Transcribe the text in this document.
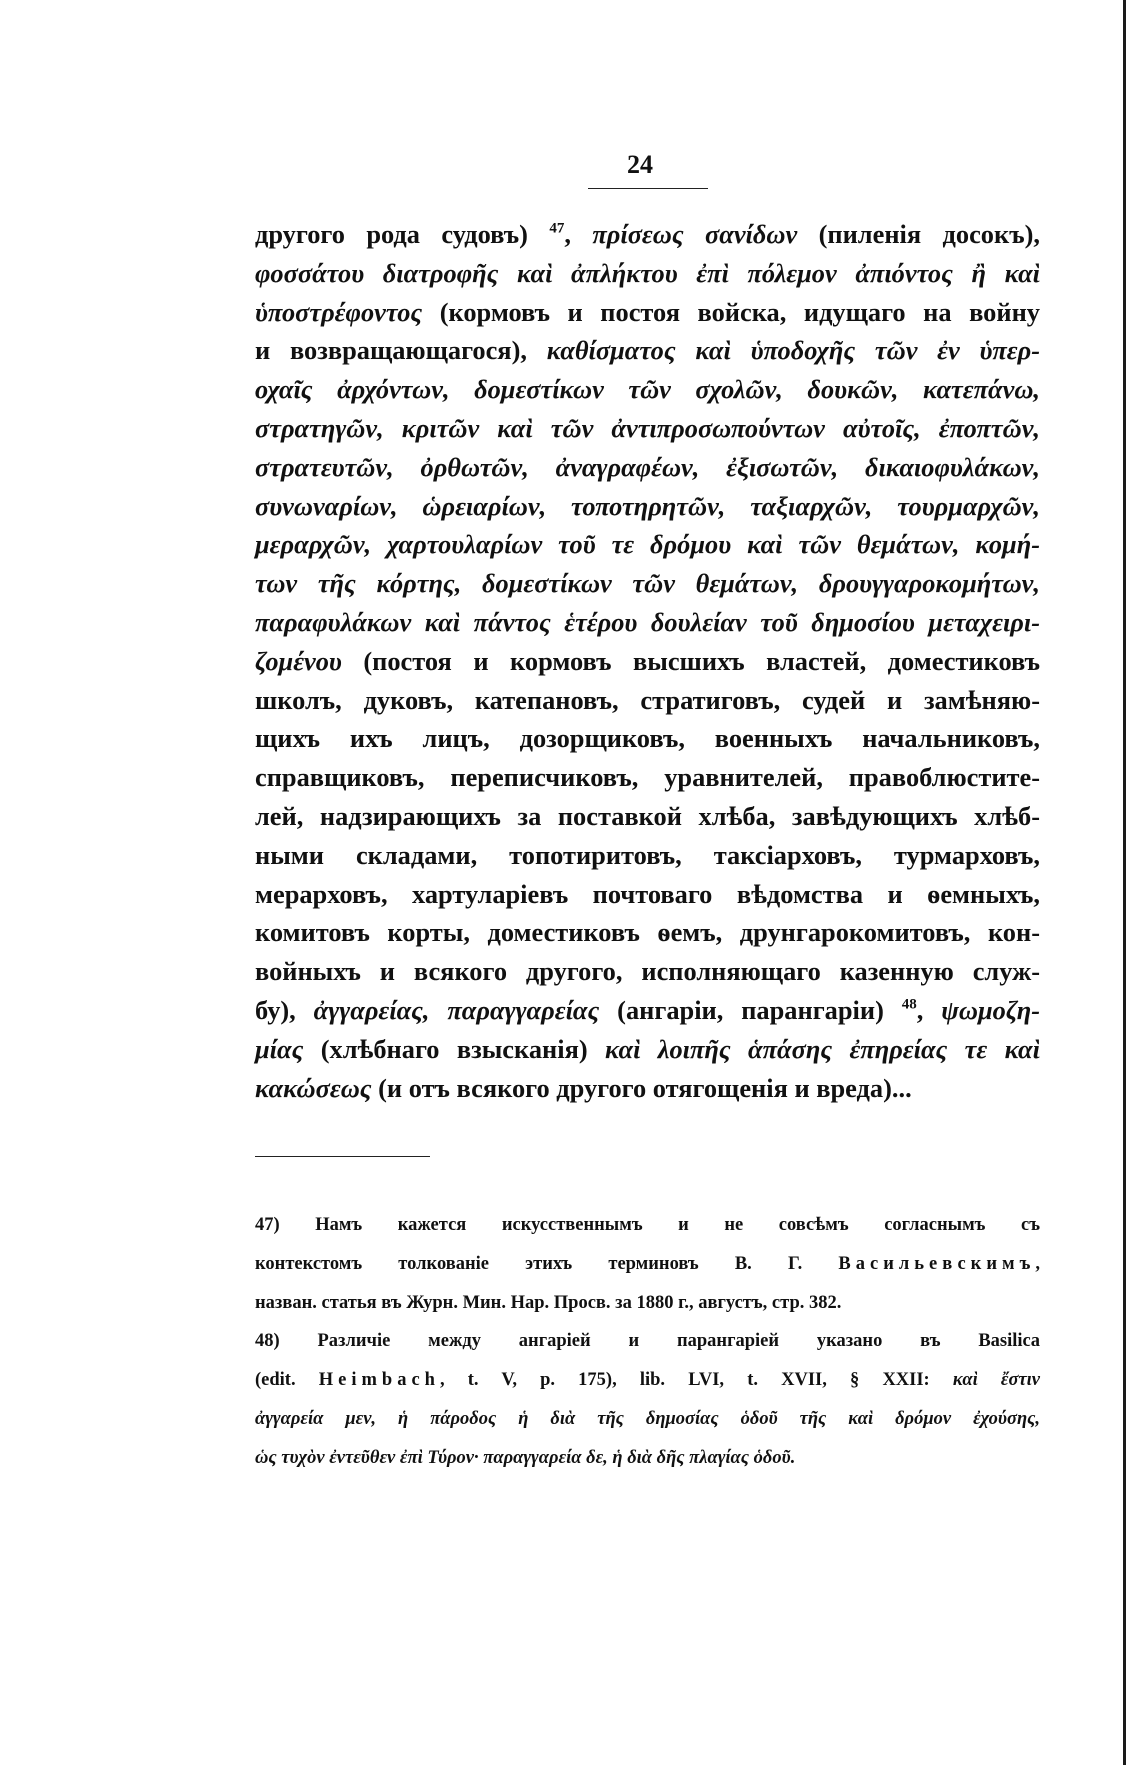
24
другого рода судовъ) $^{47}$, πρίσεως σανίδων (пиленія досокъ),
φοσσάτου διατροφῆς καὶ ἀπλήκτου ἐπὶ πόλεμον ἀπιόντος ἢ καὶ
ὑποστρέφοντος (кормовъ и постоя войска, идущаго на войну
и возвращающагося), καθίσματος καὶ ὑποδοχῆς τῶν ἐν ὑπερ-
οχαῖς ἀρχόντων, δομεστίκων τῶν σχολῶν, δουκῶν, κατεπάνω,
στρατηγῶν, κριτῶν καὶ τῶν ἀντιπροσωπούντων αὐτοῖς, ἐποπτῶν,
στρατευτῶν, ὀρθωτῶν, ἀναγραφέων, ἐξισωτῶν, δικαιοφυλάκων,
συνωναρίων, ὡρειαρίων, τοποτηρητῶν, ταξιαρχῶν, τουρμαρχῶν,
μεραρχῶν, χαρτουλαρίων τοῦ τε δρόμου καὶ τῶν θεμάτων, κομή-
των τῆς κόρτης, δομεστίκων τῶν θεμάτων, δρουγγαροκομήτων,
παραφυλάκων καὶ πάντος ἑτέρου δουλείαν τοῦ δημοσίου μεταχειρι-
ζομένου (постоя и кормовъ высшихъ властей, доместиковъ
школъ, дуковъ, катепановъ, стратиговъ, судей и замѣняю-
щихъ ихъ лицъ, дозорщиковъ, военныхъ начальниковъ,
справщиковъ, переписчиковъ, уравнителей, правоблюстите-
лей, надзирающихъ за поставкой хлѣба, завѣдующихъ хлѣб-
ными складами, топотиритовъ, таксіарховъ, турмарховъ,
мерарховъ, хартуларіевъ почтоваго вѣдомства и ѳемныхъ,
комитовъ корты, доместиковъ ѳемъ, друнгарокомитовъ, кон-
войныхъ и всякого другого, исполняющаго казенную служ-
бу), ἀγγαρείας, παραγγαρείας (ангаріи, парангаріи) $^{48}$, ψωμοζη-
μίας (хлѣбнаго взысканія) καὶ λοιπῆς ἁπάσης ἐπηρείας τε καὶ
κακώσεως (и отъ всякого другого отягощенія и вреда)...
47) Намъ кажется искусственнымъ и не совсѣмъ согласнымъ съ
контекстомъ толкованіе этихъ терминовъ В. Г. Васильевскимъ,
назван. статья въ Журн. Мин. Нар. Просв. за 1880 г., августъ, стр. 382.
48) Различіе между ангаріей и парангаріей указано въ Basilica
(edit. Heimbach, t. V, p. 175), lib. LVI, t. XVII, § XXII: καὶ ἔστιν
ἀγγαρεία μεν, ἡ πάροδος ἡ διὰ τῆς δημοσίας ὁδοῦ τῆς καὶ δρόμον ἐχούσης,
ὡς τυχὸν ἐντεῦθεν ἐπὶ Τύρον· παραγγαρεία δε, ἡ διὰ δῆς πλαγίας ὁδοῦ.
